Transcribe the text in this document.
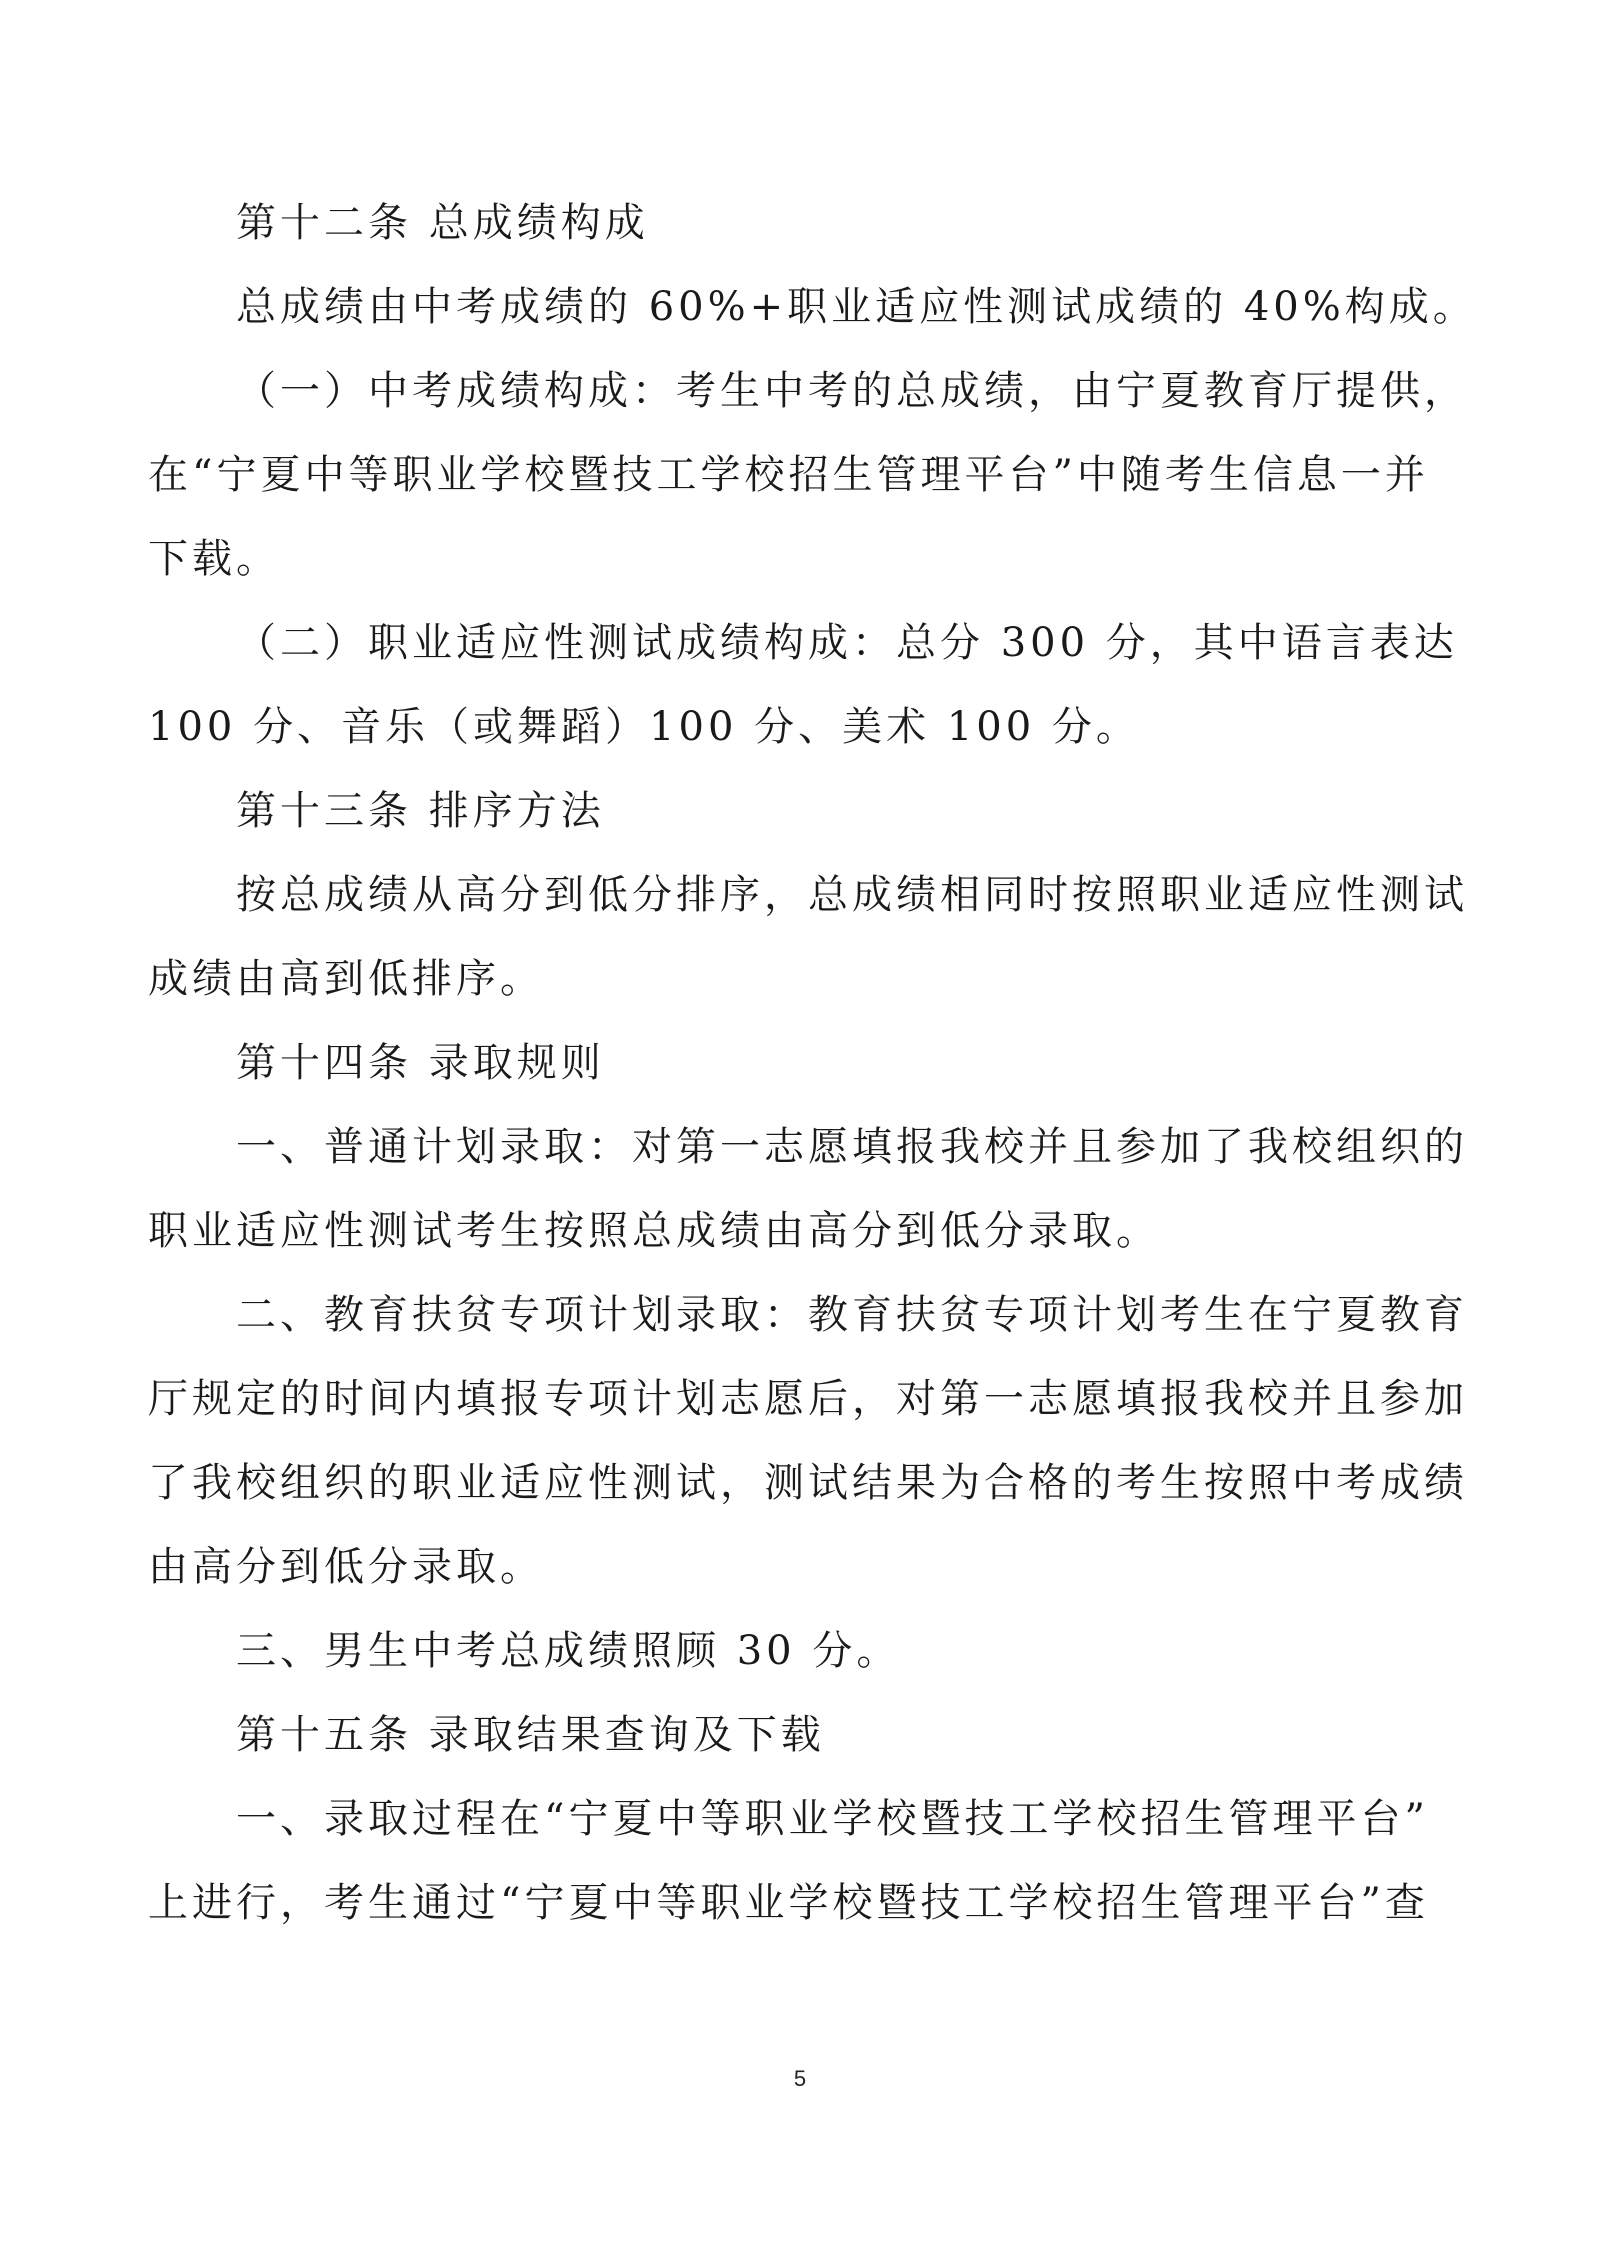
第十二条 总成绩构成
总成绩由中考成绩的 60%+职业适应性测试成绩的 40%构成。
（一）中考成绩构成：考生中考的总成绩，由宁夏教育厅提供，
在“宁夏中等职业学校暨技工学校招生管理平台”中随考生信息一并
下载。
（二）职业适应性测试成绩构成：总分 300 分，其中语言表达
100 分、音乐（或舞蹈）100 分、美术 100 分。
第十三条 排序方法
按总成绩从高分到低分排序，总成绩相同时按照职业适应性测试
成绩由高到低排序。
第十四条 录取规则
一、普通计划录取：对第一志愿填报我校并且参加了我校组织的
职业适应性测试考生按照总成绩由高分到低分录取。
二、教育扶贫专项计划录取：教育扶贫专项计划考生在宁夏教育
厅规定的时间内填报专项计划志愿后，对第一志愿填报我校并且参加
了我校组织的职业适应性测试，测试结果为合格的考生按照中考成绩
由高分到低分录取。
三、男生中考总成绩照顾 30 分。
第十五条 录取结果查询及下载
一、录取过程在“宁夏中等职业学校暨技工学校招生管理平台”
上进行，考生通过“宁夏中等职业学校暨技工学校招生管理平台”查
5
